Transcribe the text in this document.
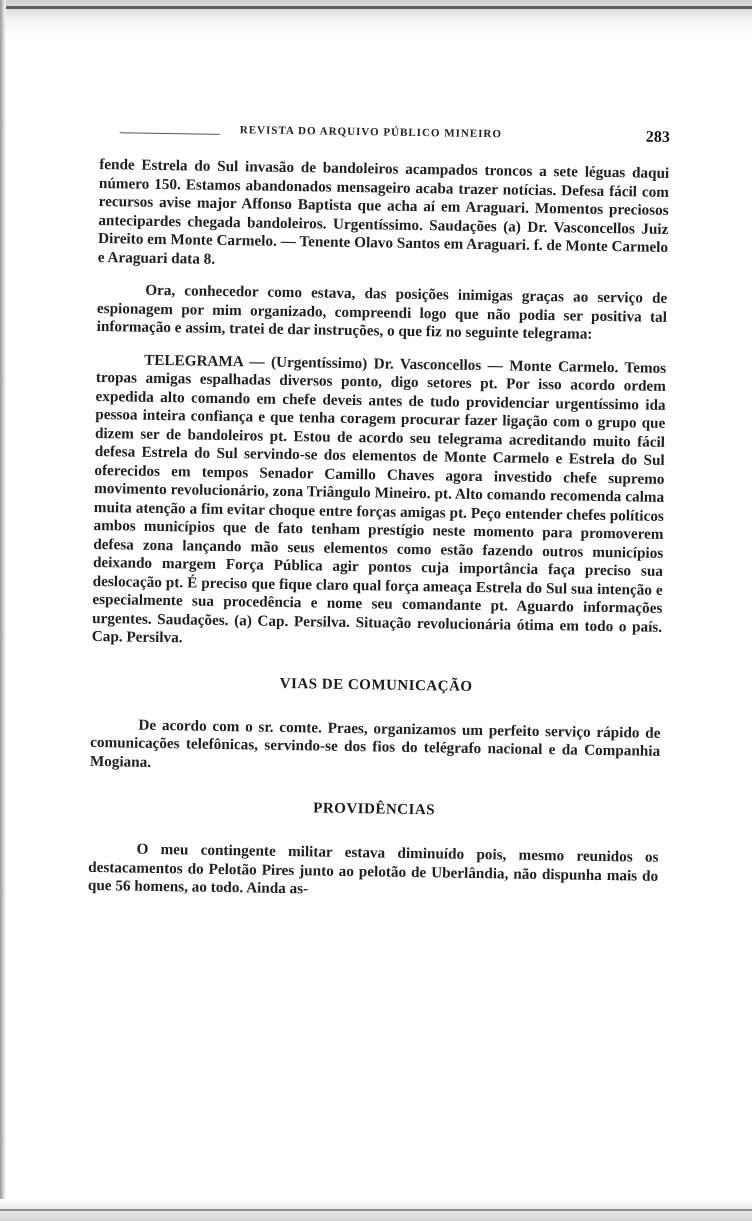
REVISTA DO ARQUIVO PÚBLICO MINEIRO	283

fende Estrela do Sul invasão de bandoleiros acampados troncos a sete léguas daqui número 150. Estamos abandonados mensageiro acaba trazer notícias. Defesa fácil com recursos avise major Affonso Baptista que acha aí em Araguari. Momentos preciosos antecipardes chegada bandoleiros. Urgentíssimo. Saudações (a) Dr. Vasconcellos Juiz Direito em Monte Carmelo. — Tenente Olavo Santos em Araguari. f. de Monte Carmelo e Araguari data 8.

Ora, conhecedor como estava, das posições inimigas graças ao serviço de espionagem por mim organizado, compreendi logo que não podia ser positiva tal informação e assim, tratei de dar instruções, o que fiz no seguinte telegrama:

TELEGRAMA — (Urgentíssimo) Dr. Vasconcellos — Monte Carmelo. Temos tropas amigas espalhadas diversos ponto, digo setores pt. Por isso acordo ordem expedida alto comando em chefe deveis antes de tudo providenciar urgentíssimo ida pessoa inteira confiança e que tenha coragem procurar fazer ligação com o grupo que dizem ser de bandoleiros pt. Estou de acordo seu telegrama acreditando muito fácil defesa Estrela do Sul servindo-se dos elementos de Monte Carmelo e Estrela do Sul oferecidos em tempos Senador Camillo Chaves agora investido chefe supremo movimento revolucionário, zona Triângulo Mineiro. pt. Alto comando recomenda calma muita atenção a fim evitar choque entre forças amigas pt. Peço entender chefes políticos ambos municípios que de fato tenham prestígio neste momento para promoverem defesa zona lançando mão seus elementos como estão fazendo outros municípios deixando margem Força Pública agir pontos cuja importância faça preciso sua deslocação pt. É preciso que fique claro qual força ameaça Estrela do Sul sua intenção e especialmente sua procedência e nome seu comandante pt. Aguardo informações urgentes. Saudações. (a) Cap. Persilva. Situação revolucionária ótima em todo o país. Cap. Persilva.

VIAS DE COMUNICAÇÃO

De acordo com o sr. comte. Praes, organizamos um perfeito serviço rápido de comunicações telefônicas, servindo-se dos fios do telégrafo nacional e da Companhia Mogiana.

PROVIDÊNCIAS

O meu contingente militar estava diminuído pois, mesmo reunidos os destacamentos do Pelotão Pires junto ao pelotão de Uberlândia, não dispunha mais do que 56 homens, ao todo. Ainda as-
